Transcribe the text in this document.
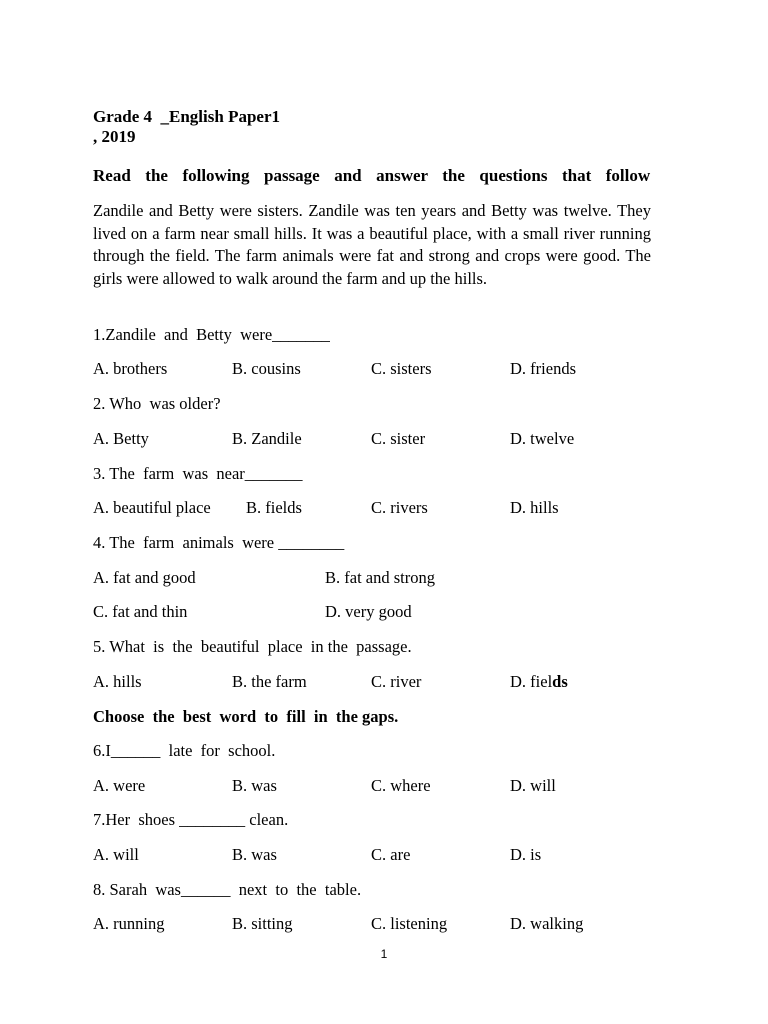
Grade 4  _English Paper1
, 2019
Read  the  following  passage  and  answer  the  questions  that  follow
Zandile and Betty were sisters. Zandile was ten years and Betty was twelve. They lived on a farm near small hills. It was a beautiful place, with a small river running through the field. The farm animals were fat and strong and crops were good. The girls were allowed to walk around the farm and up the hills.
1.Zandile  and  Betty  were_______
A. brothers	B. cousins	C. sisters	D. friends
2. Who  was older?
A. Betty	B. Zandile	C. sister	D. twelve
3. The  farm  was  near_______
A. beautiful place B. fields	C. rivers	D. hills
4. The  farm  animals  were ________
A. fat and good	B. fat and strong
C. fat and thin	D. very good
5. What  is  the  beautiful  place  in the  passage.
A. hills	B. the farm	C. river	D. fields
Choose  the  best  word  to  fill  in  the gaps.
6.I______  late  for  school.
A. were	B. was	C. where	D. will
7.Her  shoes ________ clean.
A. will	B. was	C. are	D. is
8. Sarah  was______  next  to  the  table.
A. running	B. sitting	C. listening	D. walking
1
